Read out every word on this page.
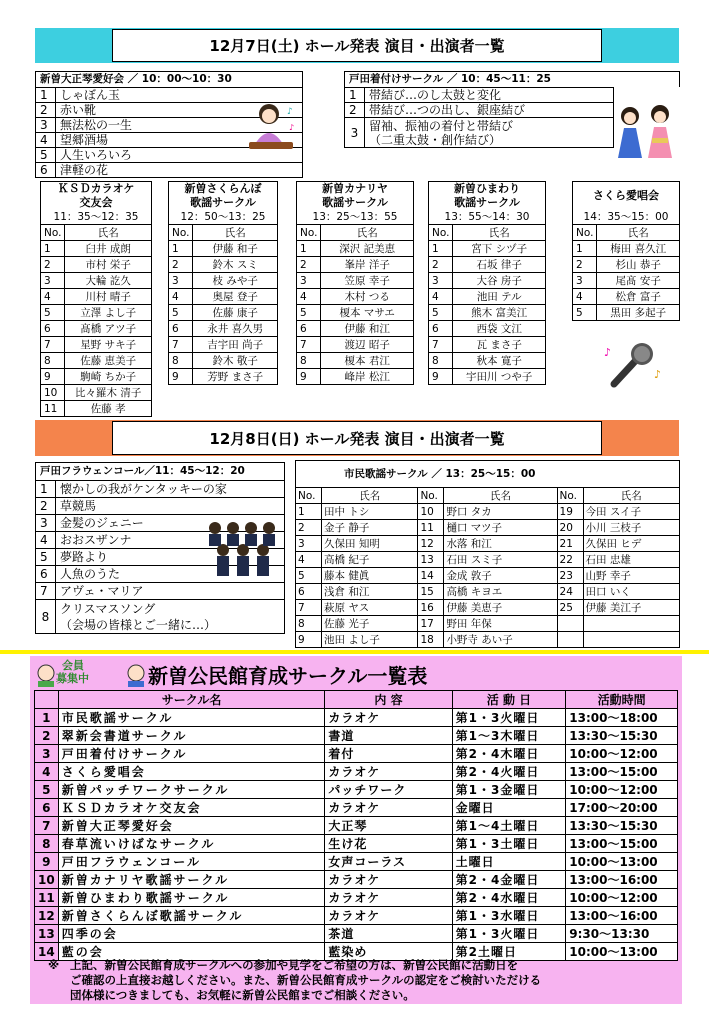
12月7日(土) ホール発表 演目・出演者一覧
新曽大正琴愛好会 ／ 10：00～10：30
1	しゃぼん玉
2	赤い靴
3	無法松の一生
4	望郷酒場
5	人生いろいろ
6	津軽の花
♪
♪
戸田着付けサークル ／ 10：45～11：25
1	帯結び…のし太鼓と変化
2	帯結び…つの出し、銀座結び
3	留袖、振袖の着付と帯結び
（二重太鼓・創作結び）
ＫＳＤカラオケ
交友会
11：35～12：35
No.	氏名
1	臼井 成朗
2	市村 栄子
3	大輪 訖久
4	川村 晴子
5	立澤 よし子
6	髙橋 アツ子
7	星野 サキ子
8	佐藤 恵美子
9	駒崎 ちか子
10	比々羅木 清子
11	佐藤 孝
新曽さくらんぼ
歌謡サークル
12：50～13：25
No.	氏名
1	伊藤 和子
2	鈴木 スミ
3	枝 みや子
4	奥屋 登子
5	佐藤 康子
6	永井 喜久男
7	吉宇田 尚子
8	鈴木 敬子
9	芳野 まさ子
新曽カナリヤ
歌謡サークル
13：25～13：55
No.	氏名
1	深沢 記美恵
2	峯岸 洋子
3	笠原 幸子
4	木村 つる
5	榎本 マサエ
6	伊藤 和江
7	渡辺 昭子
8	榎本 君江
9	峰岸 松江
新曽ひまわり
歌謡サークル
13：55～14：30
No.	氏名
1	宮下 シヅ子
2	石坂 律子
3	大谷 房子
4	池田 テル
5	熊木 富美江
6	西袋 文江
7	瓦 まさ子
8	秋本 寛子
9	宇田川 つや子
さくら愛唱会
14：35～15：00
No.	氏名
1	梅田 喜久江
2	杉山 恭子
3	尾髙 安子
4	松倉 富子
5	黒田 多起子
♪
♪
12月8日(日) ホール発表 演目・出演者一覧
戸田フラウェンコール／11：45～12：20
1	懐かしの我がケンタッキーの家
2	草競馬
3	金髪のジェニー
4	おおスザンナ
5	夢路より
6	人魚のうた
7	アヴェ・マリア
8	クリスマスソング
（会場の皆様とご一緒に…）
市民歌謡サークル ／ 13：25～15：00
No.	氏名	No.	氏名	No.	氏名
1	田中 トシ	10	野口 タカ	19	今田 スイ子
2	金子 静子	11	樋口 マツ子	20	小川 三枝子
3	久保田 知明	12	水落 和江	21	久保田 ヒデ
4	高橋 紀子	13	石田 スミ子	22	石田 忠雄
5	藤本 健眞	14	金成 敦子	23	山野 幸子
6	浅倉 和江	15	高橋 キヨエ	24	田口 いく
7	萩原 ヤス	16	伊藤 美恵子	25	伊藤 美江子
8	佐藤 光子	17	野田 年保		
9	池田 よし子	18	小野寺 あい子		
会員
募集中	新曽公民館育成サークル一覧表
	サークル名	内 容	活 動 日	活動時間
1	市民歌謡サークル	カラオケ	第1・3火曜日	13:00～18:00
2	翠新会書道サークル	書道	第1～3木曜日	13:30～15:30
3	戸田着付けサークル	着付	第2・4木曜日	10:00～12:00
4	さくら愛唱会	カラオケ	第2・4火曜日	13:00～15:00
5	新曽パッチワークサークル	パッチワーク	第1・3金曜日	10:00～12:00
6	ＫＳＤカラオケ交友会	カラオケ	金曜日	17:00～20:00
7	新曽大正琴愛好会	大正琴	第1～4土曜日	13:30～15:30
8	春草流いけばなサークル	生け花	第1・3土曜日	13:00～15:00
9	戸田フラウェンコール	女声コーラス	土曜日	10:00～13:00
10	新曽カナリヤ歌謡サークル	カラオケ	第2・4金曜日	13:00～16:00
11	新曽ひまわり歌謡サークル	カラオケ	第2・4水曜日	10:00～12:00
12	新曽さくらんぼ歌謡サークル	カラオケ	第1・3水曜日	13:00～16:00
13	四季の会	茶道	第1・3火曜日	9:30～13:30
14	藍の会	藍染め	第2土曜日	10:00～13:00
※ 上記、新曽公民館育成サークルへの参加や見学をご希望の方は、新曽公民館に活動日を
ご確認の上直接お越しください。また、新曽公民館育成サークルの認定をご検討いただける
団体様につきましても、お気軽に新曽公民館までご相談ください。
